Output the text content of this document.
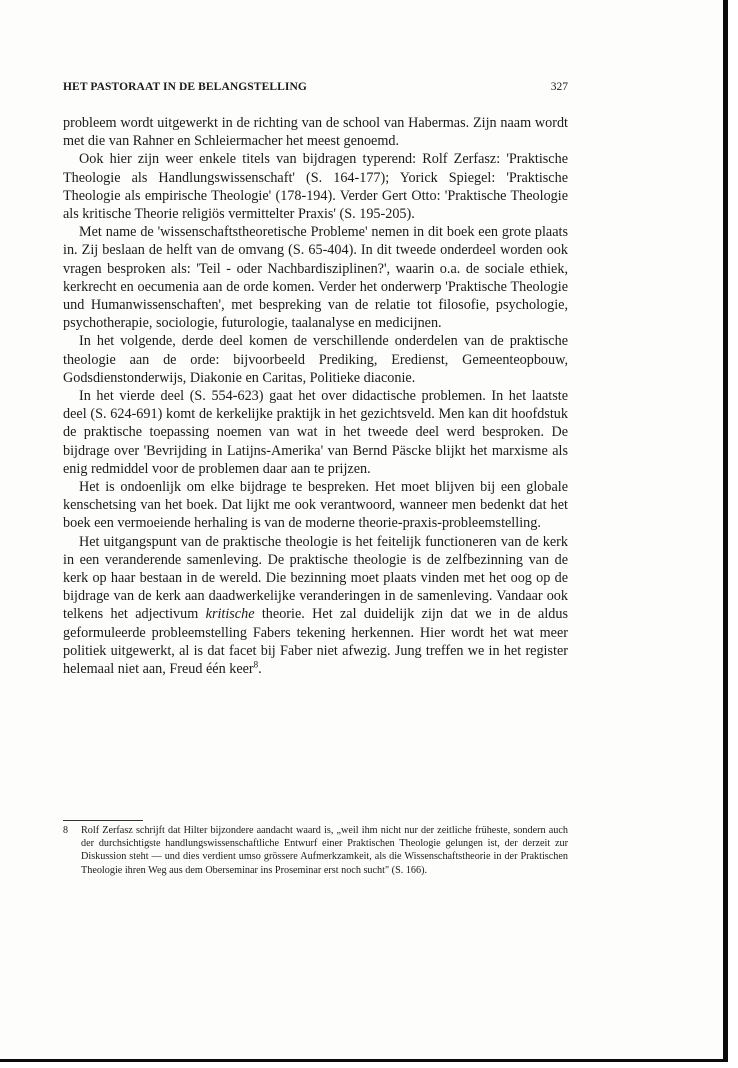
HET PASTORAAT IN DE BELANGSTELLING	327

probleem wordt uitgewerkt in de richting van de school van Habermas. Zijn naam wordt met die van Rahner en Schleiermacher het meest genoemd.

Ook hier zijn weer enkele titels van bijdragen typerend: Rolf Zerfasz: 'Praktische Theologie als Handlungswissenschaft' (S. 164-177); Yorick Spiegel: 'Praktische Theologie als empirische Theologie' (178-194). Verder Gert Otto: 'Praktische Theologie als kritische Theorie religiös vermittelter Praxis' (S. 195-205).

Met name de 'wissenschaftstheoretische Probleme' nemen in dit boek een grote plaats in. Zij beslaan de helft van de omvang (S. 65-404). In dit tweede onderdeel worden ook vragen besproken als: 'Teil - oder Nachbardisziplinen?', waarin o.a. de sociale ethiek, kerkrecht en oecumenia aan de orde komen. Verder het onderwerp 'Praktische Theologie und Humanwissenschaften', met bespreking van de relatie tot filosofie, psychologie, psychotherapie, sociologie, futurologie, taalanalyse en medicijnen.

In het volgende, derde deel komen de verschillende onderdelen van de praktische theologie aan de orde: bijvoorbeeld Prediking, Eredienst, Gemeenteopbouw, Godsdienstonderwijs, Diakonie en Caritas, Politieke diaconie.

In het vierde deel (S. 554-623) gaat het over didactische problemen. In het laatste deel (S. 624-691) komt de kerkelijke praktijk in het gezichtsveld. Men kan dit hoofdstuk de praktische toepassing noemen van wat in het tweede deel werd besproken. De bijdrage over 'Bevrijding in Latijns-Amerika' van Bernd Päscke blijkt het marxisme als enig redmiddel voor de problemen daar aan te prijzen.

Het is ondoenlijk om elke bijdrage te bespreken. Het moet blijven bij een globale kenschetsing van het boek. Dat lijkt me ook verantwoord, wanneer men bedenkt dat het boek een vermoeiende herhaling is van de moderne theorie-praxis-probleemstelling.

Het uitgangspunt van de praktische theologie is het feitelijk functioneren van de kerk in een veranderende samenleving. De praktische theologie is de zelfbezinning van de kerk op haar bestaan in de wereld. Die bezinning moet plaats vinden met het oog op de bijdrage van de kerk aan daadwerkelijke veranderingen in de samenleving. Vandaar ook telkens het adjectivum kritische theorie. Het zal duidelijk zijn dat we in de aldus geformuleerde probleemstelling Fabers tekening herkennen. Hier wordt het wat meer politiek uitgewerkt, al is dat facet bij Faber niet afwezig. Jung treffen we in het register helemaal niet aan, Freud één keer$^8$.

8 Rolf Zerfasz schrijft dat Hilter bijzondere aandacht waard is, „weil ihm nicht nur der zeitliche früheste, sondern auch der durchsichtigste handlungswissenschaftliche Entwurf einer Praktischen Theologie gelungen ist, der derzeit zur Diskussion steht — und dies verdient umso grössere Aufmerkzamkeit, als die Wissenschaftstheorie in der Praktischen Theologie ihren Weg aus dem Oberseminar ins Proseminar erst noch sucht" (S. 166).
